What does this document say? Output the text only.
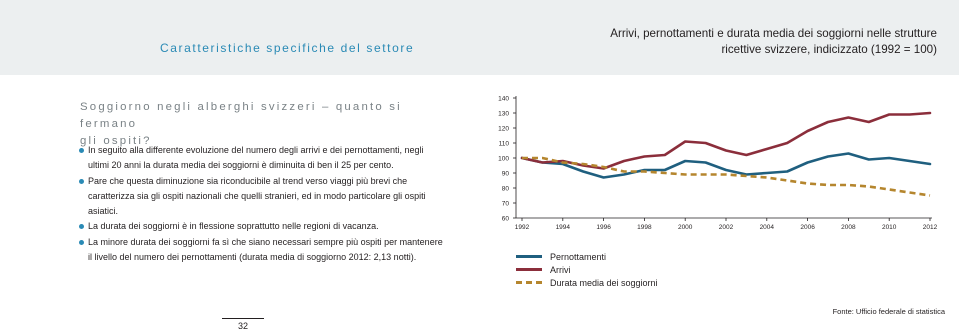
Caratteristiche specifiche del settore
Arrivi, pernottamenti e durata media dei soggiorni nelle strutture
ricettive svizzere, indicizzato (1992 = 100)
Soggiorno negli alberghi svizzeri – quanto si fermano
gli ospiti?
In seguito alla differente evoluzione del numero degli arrivi e dei pernottamenti, negli ultimi 20 anni la durata media dei soggiorni è diminuita di ben il 25 per cento.
Pare che questa diminuzione sia riconducibile al trend verso viaggi più brevi che caratterizza sia gli ospiti nazionali che quelli stranieri, ed in modo particolare gli ospiti asiatici.
La durata dei soggiorni è in flessione soprattutto nelle regioni di vacanza.
La minore durata dei soggiorni fa sì che siano necessari sempre più ospiti per mantenere il livello del numero dei pernottamenti (durata media di soggiorno 2012: 2,13 notti).
60
70
80
90
100
110
120
130
140
1992	1994	1996	1998	2000	2002	2004	2006	2008	2010	2012
Pernottamenti
Arrivi
Durata media dei soggiorni
Fonte: Ufficio federale di statistica
32
